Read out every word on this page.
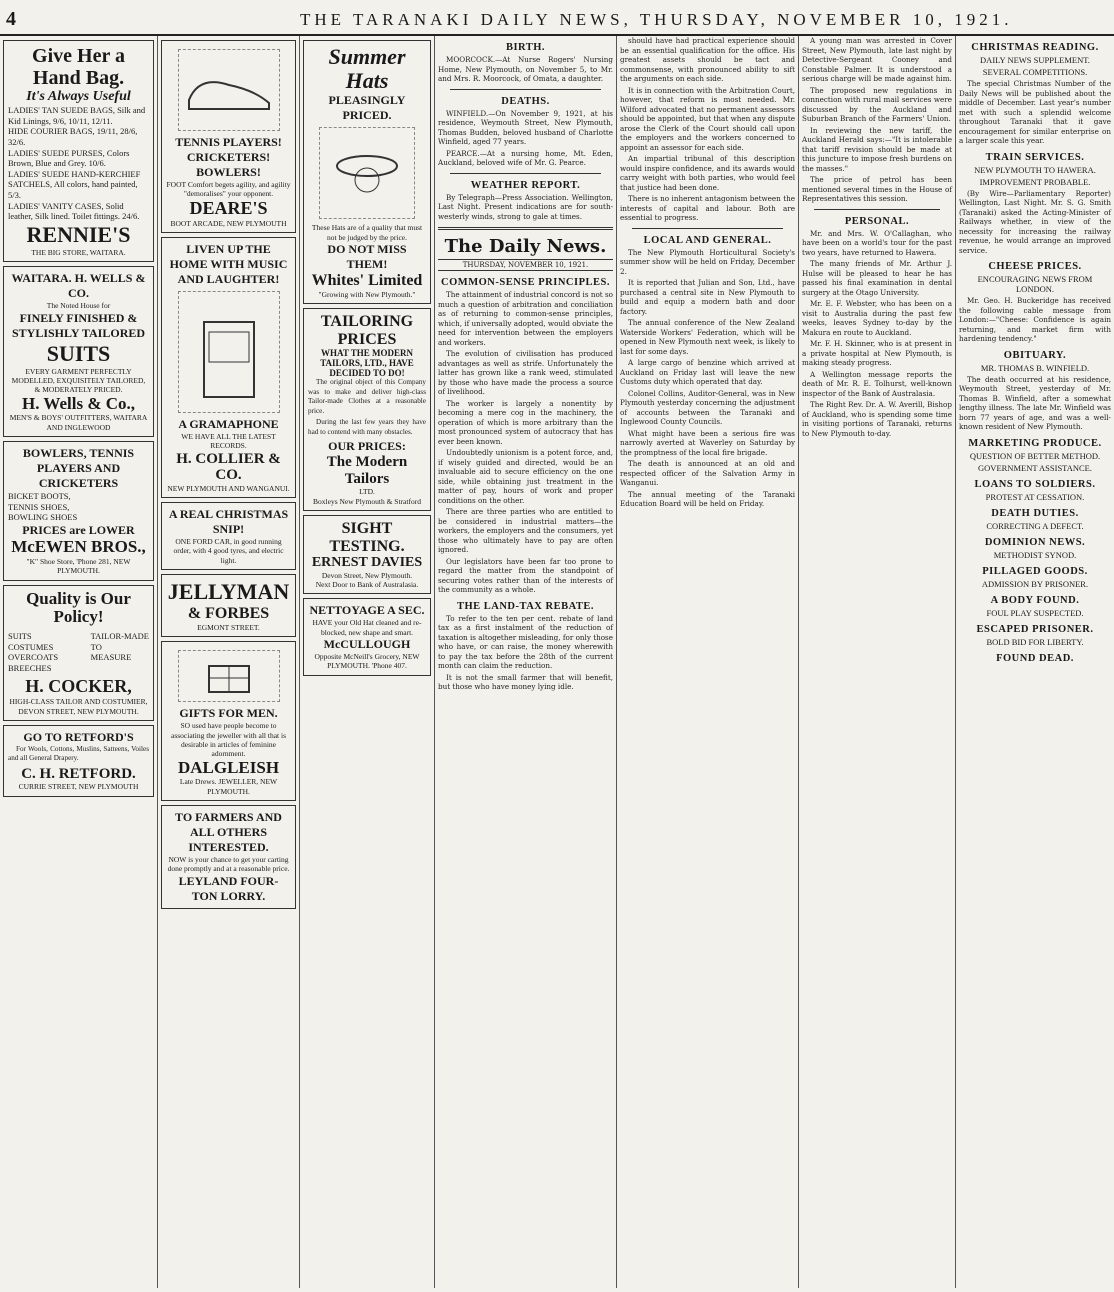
4	THE TARANAKI DAILY NEWS, THURSDAY, NOVEMBER 10, 1921.
Give Her a
Hand Bag.
It's Always Useful
LADIES' TAN SUEDE BAGS, Silk and Kid Linings, 9/6, 10/11, 12/11.
HIDE COURIER BAGS, 19/11, 28/6, 32/6.
LADIES' SUEDE PURSES, Colors Brown, Blue and Grey. 10/6.
LADIES' SUEDE HAND-KERCHIEF SATCHELS, All colors, hand painted, 5/3.
LADIES' VANITY CASES, Solid leather, Silk lined. Toilet fittings. 24/6.
RENNIE'S
THE BIG STORE, WAITARA.
WAITARA. H. WELLS & CO.
The Noted House for
FINELY FINISHED & STYLISHLY TAILORED
SUITS
EVERY GARMENT PERFECTLY MODELLED, EXQUISITELY TAILORED, & MODERATELY PRICED.
H. Wells & Co.,
MEN'S & BOYS' OUTFITTERS, WAITARA AND INGLEWOOD
BOWLERS, TENNIS PLAYERS AND CRICKETERS
BICKET BOOTS,
TENNIS SHOES,
BOWLING SHOES
PRICES are LOWER
McEWEN BROS.,
"K" Shoe Store, 'Phone 281, NEW PLYMOUTH.
Quality is Our Policy!
SUITS
COSTUMES
OVERCOATS
BREECHES
TAILOR-MADE
TO
MEASURE
H. COCKER,
HIGH-CLASS TAILOR AND COSTUMIER, DEVON STREET, NEW PLYMOUTH.
GO TO RETFORD'S

For Wools, Cottons, Muslins, Satteens, Voiles and all General Drapery.

C. H. RETFORD.
CURRIE STREET, NEW PLYMOUTH
TENNIS PLAYERS!
CRICKETERS!
BOWLERS!
FOOT Comfort begets agility, and agility "demoralises" your opponent.
DEARE'S
BOOT ARCADE, NEW PLYMOUTH
LIVEN UP THE HOME WITH MUSIC AND LAUGHTER!
A GRAMAPHONE
WE HAVE ALL THE LATEST RECORDS.
H. COLLIER & CO.
NEW PLYMOUTH AND WANGANUI.
A REAL CHRISTMAS SNIP!
ONE FORD CAR, in good running order, with 4 good tyres, and electric light.
JELLYMAN
& FORBES
EGMONT STREET.
GIFTS FOR MEN.
SO used have people become to associating the jeweller with all that is desirable in articles of feminine adornment.
DALGLEISH
Late Drews. JEWELLER, NEW PLYMOUTH.
TO FARMERS AND ALL OTHERS INTERESTED.
NOW is your chance to get your carting done promptly and at a reasonable price.
LEYLAND FOUR-TON LORRY.
Summer
Hats
PLEASINGLY PRICED.
These Hats are of a quality that must not be judged by the price.
DO NOT MISS THEM!
Whites' Limited
"Growing with New Plymouth."
TAILORING PRICES
WHAT THE MODERN TAILORS, LTD., HAVE DECIDED TO DO!

The original object of this Company was to make and deliver high-class Tailor-made Clothes at a reasonable price.

During the last few years they have had to contend with many obstacles.

OUR PRICES:
The Modern Tailors
LTD.
Boxleys New Plymouth & Stratford
SIGHT TESTING.
ERNEST DAVIES
Devon Street, New Plymouth.
Next Door to Bank of Australasia.
NETTOYAGE A SEC.
HAVE your Old Hat cleaned and re-blocked, new shape and smart.
McCULLOUGH
Opposite McNeill's Grocery, NEW PLYMOUTH. 'Phone 407.
BIRTH.

MOORCOCK.—At Nurse Rogers' Nursing Home, New Plymouth, on November 5, to Mr. and Mrs. R. Moorcock, of Omata, a daughter.

DEATHS.

WINFIELD.—On November 9, 1921, at his residence, Weymouth Street, New Plymouth, Thomas Budden, beloved husband of Charlotte Winfield, aged 77 years.

PEARCE.—At a nursing home, Mt. Eden, Auckland, beloved wife of Mr. G. Pearce.

WEATHER REPORT.

By Telegraph—Press Association. Wellington, Last Night. Present indications are for south-westerly winds, strong to gale at times.

The Daily News.
THURSDAY, NOVEMBER 10, 1921.
COMMON-SENSE PRINCIPLES.

The attainment of industrial concord is not so much a question of arbitration and conciliation as of returning to common-sense principles, which, if universally adopted, would obviate the need for intervention between the employers and workers.

The evolution of civilisation has produced advantages as well as strife. Unfortunately the latter has grown like a rank weed, stimulated by those who have made the process a source of livelihood.

The worker is largely a nonentity by becoming a mere cog in the machinery, the operation of which is more arbitrary than the most pronounced system of autocracy that has ever been known.

Undoubtedly unionism is a potent force, and, if wisely guided and directed, would be an invaluable aid to secure efficiency on the one side, while obtaining just treatment in the matter of pay, hours of work and proper conditions on the other.

There are three parties who are entitled to be considered in industrial matters—the workers, the employers and the consumers, yet those who ultimately have to pay are often ignored.

Our legislators have been far too prone to regard the matter from the standpoint of securing votes rather than of the interests of the community as a whole.

THE LAND-TAX REBATE.

To refer to the ten per cent. rebate of land tax as a first instalment of the reduction of taxation is altogether misleading, for only those who have, or can raise, the money wherewith to pay the tax before the 28th of the current month can claim the reduction.

It is not the small farmer that will benefit, but those who have money lying idle.

should have had practical experience should be an essential qualification for the office. His greatest assets should be tact and commonsense, with pronounced ability to sift the arguments on each side.

It is in connection with the Arbitration Court, however, that reform is most needed. Mr. Wilford advocated that no permanent assessors should be appointed, but that when any dispute arose the Clerk of the Court should call upon the employers and the workers concerned to appoint an assessor for each side.

An impartial tribunal of this description would inspire confidence, and its awards would carry weight with both parties, who would feel that justice had been done.

There is no inherent antagonism between the interests of capital and labour. Both are essential to progress.

LOCAL AND GENERAL.

The New Plymouth Horticultural Society's summer show will be held on Friday, December 2.

It is reported that Julian and Son, Ltd., have purchased a central site in New Plymouth to build and equip a modern bath and door factory.

The annual conference of the New Zealand Waterside Workers' Federation, which will be opened in New Plymouth next week, is likely to last for some days.

A large cargo of benzine which arrived at Auckland on Friday last will leave the new Customs duty which operated that day.

Colonel Collins, Auditor-General, was in New Plymouth yesterday concerning the adjustment of accounts between the Taranaki and Inglewood County Councils.

What might have been a serious fire was narrowly averted at Waverley on Saturday by the promptness of the local fire brigade.

The death is announced at an old and respected officer of the Salvation Army in Wanganui.

The annual meeting of the Taranaki Education Board will be held on Friday.

A young man was arrested in Cover Street, New Plymouth, late last night by Detective-Sergeant Cooney and Constable Palmer. It is understood a serious charge will be made against him.

The proposed new regulations in connection with rural mail services were discussed by the Auckland and Suburban Branch of the Farmers' Union.

In reviewing the new tariff, the Auckland Herald says:—"It is intolerable that tariff revision should be made at this juncture to impose fresh burdens on the masses."

The price of petrol has been mentioned several times in the House of Representatives this session.

PERSONAL.

Mr. and Mrs. W. O'Callaghan, who have been on a world's tour for the past two years, have returned to Hawera.

The many friends of Mr. Arthur J. Hulse will be pleased to hear he has passed his final examination in dental surgery at the Otago University.

Mr. E. F. Webster, who has been on a visit to Australia during the past few weeks, leaves Sydney to-day by the Makura en route to Auckland.

Mr. F. H. Skinner, who is at present in a private hospital at New Plymouth, is making steady progress.

A Wellington message reports the death of Mr. R. E. Tolhurst, well-known inspector of the Bank of Australasia.

The Right Rev. Dr. A. W. Averill, Bishop of Auckland, who is spending some time in visiting portions of Taranaki, returns to New Plymouth to-day.

CHRISTMAS READING.
DAILY NEWS SUPPLEMENT.
SEVERAL COMPETITIONS.

The special Christmas Number of the Daily News will be published about the middle of December. Last year's number met with such a splendid welcome throughout Taranaki that it gave encouragement for similar enterprise on a larger scale this year.

TRAIN SERVICES.
NEW PLYMOUTH TO HAWERA.
IMPROVEMENT PROBABLE.

(By Wire—Parliamentary Reporter) Wellington, Last Night. Mr. S. G. Smith (Taranaki) asked the Acting-Minister of Railways whether, in view of the necessity for increasing the railway revenue, he would arrange an improved service.

CHEESE PRICES.
ENCOURAGING NEWS FROM LONDON.

Mr. Geo. H. Buckeridge has received the following cable message from London:—"Cheese: Confidence is again returning, and market firm with hardening tendency."

OBITUARY.
MR. THOMAS B. WINFIELD.

The death occurred at his residence, Weymouth Street, yesterday of Mr. Thomas B. Winfield, after a somewhat lengthy illness. The late Mr. Winfield was born 77 years of age, and was a well-known resident of New Plymouth.

MARKETING PRODUCE.
QUESTION OF BETTER METHOD.
GOVERNMENT ASSISTANCE.
LOANS TO SOLDIERS.
PROTEST AT CESSATION.
DEATH DUTIES.
CORRECTING A DEFECT.
DOMINION NEWS.
METHODIST SYNOD.
PILLAGED GOODS.
ADMISSION BY PRISONER.
A BODY FOUND.
FOUL PLAY SUSPECTED.
ESCAPED PRISONER.
BOLD BID FOR LIBERTY.
FOUND DEAD.
